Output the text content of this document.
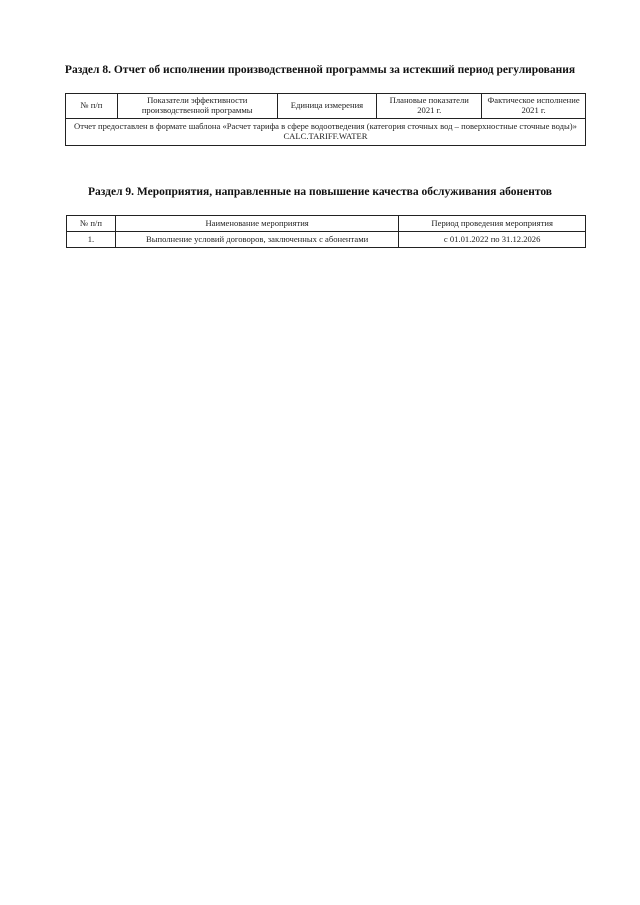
Раздел 8. Отчет об исполнении производственной программы за истекший период регулирования
№ п/п	Показатели эффективности производственной программы	Единица измерения	Плановые показатели 2021 г.	Фактическое исполнение 2021 г.
Отчет предоставлен в формате шаблона «Расчет тарифа в сфере водоотведения (категория сточных вод – поверхностные сточные воды)» CALC.TARIFF.WATER
Раздел 9. Мероприятия, направленные на повышение качества обслуживания абонентов
№ п/п	Наименование мероприятия	Период проведения мероприятия
1.	Выполнение условий договоров, заключенных с абонентами	с 01.01.2022 по 31.12.2026
